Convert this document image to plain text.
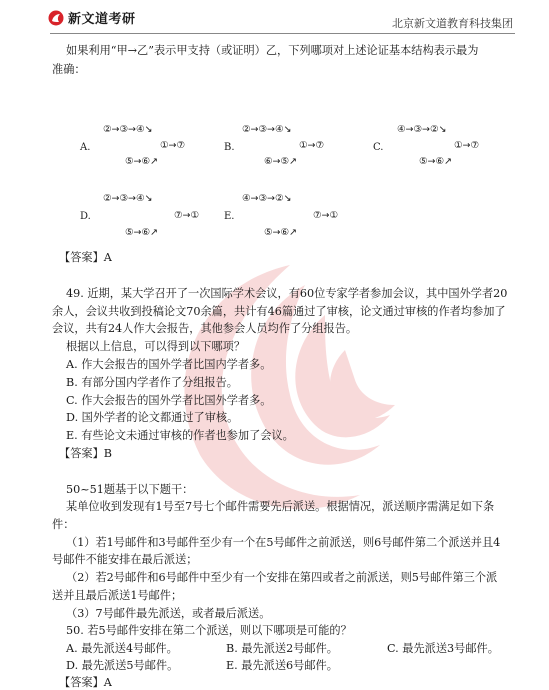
新文道考研	北京新文道教育科技集团
如果利用“甲→乙”表示甲支持（或证明）乙，下列哪项对上述论证基本结构表示最为
准确：
A.
②→③→④↘
①→⑦
⑤→⑥↗
B.
②→③→④↘
①→⑦
⑥→⑤↗
C.
④→③→②↘
①→⑦
⑤→⑥↗
D.
②→③→④↘
⑦→①
⑤→⑥↗
E.
④→③→②↘
⑦→①
⑤→⑥↗
【答案】A
49. 近期，某大学召开了一次国际学术会议，有60位专家学者参加会议，其中国外学者20
余人，会议共收到投稿论文70余篇，共计有46篇通过了审核，论文通过审核的作者均参加了
会议，共有24人作大会报告，其他参会人员均作了分组报告。
根据以上信息，可以得到以下哪项？
A. 作大会报告的国外学者比国内学者多。
B. 有部分国内学者作了分组报告。
C. 作大会报告的国外学者比国外学者多。
D. 国外学者的论文都通过了审核。
E. 有些论文未通过审核的作者也参加了会议。
【答案】B
50~51题基于以下题干：
某单位收到发现有1号至7号七个邮件需要先后派送。根据情况，派送顺序需满足如下条
件：
（1）若1号邮件和3号邮件至少有一个在5号邮件之前派送，则6号邮件第二个派送并且4
号邮件不能安排在最后派送；
（2）若2号邮件和6号邮件中至少有一个安排在第四或者之前派送，则5号邮件第三个派
送并且最后派送1号邮件；
（3）7号邮件最先派送，或者最后派送。
50. 若5号邮件安排在第二个派送，则以下哪项是可能的？
A. 最先派送4号邮件。	B. 最先派送2号邮件。	C. 最先派送3号邮件。
D. 最先派送5号邮件。	E. 最先派送6号邮件。
【答案】A
